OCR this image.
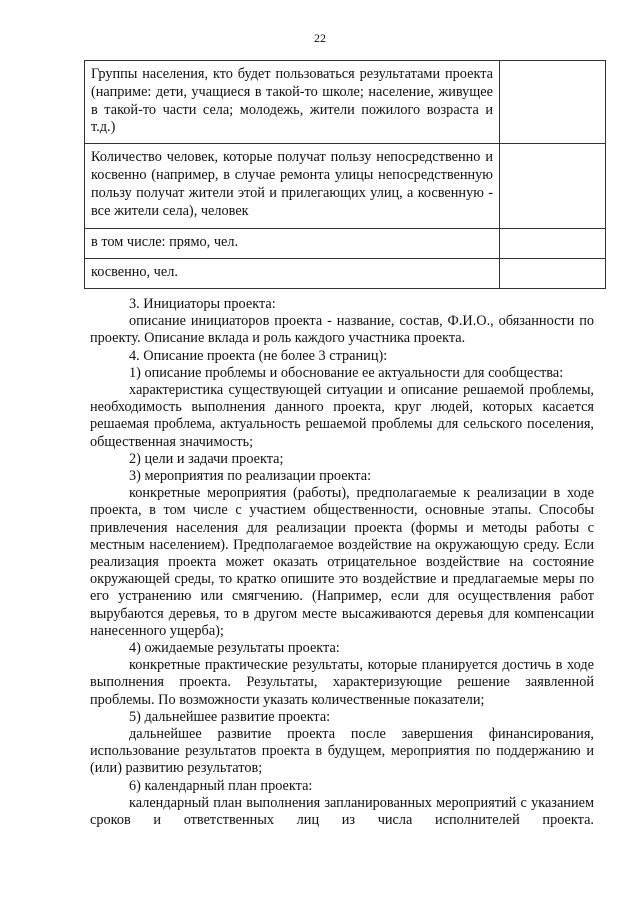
22
Группы населения, кто будет пользоваться результатами проекта (наприме: дети, учащиеся в такой-то школе; население, живущее в такой-то части села; молодежь, жители пожилого возраста и т.д.)	
Количество человек, которые получат пользу непосредственно и косвенно (например, в случае ремонта улицы непосредственную пользу получат жители этой и прилегающих улиц, а косвенную - все жители села), человек	
в том числе: прямо, чел.	
косвенно, чел.	

3. Инициаторы проекта:

описание инициаторов проекта - название, состав, Ф.И.О., обязанности по проекту. Описание вклада и роль каждого участника проекта.

4. Описание проекта (не более 3 страниц):

1) описание проблемы и обоснование ее актуальности для сообщества:

характеристика существующей ситуации и описание решаемой проблемы, необходимость выполнения данного проекта, круг людей, которых касается решаемая проблема, актуальность решаемой проблемы для сельского поселения, общественная значимость;

2) цели и задачи проекта;

3) мероприятия по реализации проекта:

конкретные мероприятия (работы), предполагаемые к реализации в ходе проекта, в том числе с участием общественности, основные этапы. Способы привлечения населения для реализации проекта (формы и методы работы с местным населением). Предполагаемое воздействие на окружающую среду. Если реализация проекта может оказать отрицательное воздействие на состояние окружающей среды, то кратко опишите это воздействие и предлагаемые меры по его устранению или смягчению. (Например, если для осуществления работ вырубаются деревья, то в другом месте высаживаются деревья для компенсации нанесенного ущерба);

4) ожидаемые результаты проекта:

конкретные практические результаты, которые планируется достичь в ходе выполнения проекта. Результаты, характеризующие решение заявленной проблемы. По возможности указать количественные показатели;

5) дальнейшее развитие проекта:

дальнейшее развитие проекта после завершения финансирования, использование результатов проекта в будущем, мероприятия по поддержанию и (или) развитию результатов;

6) календарный план проекта:

календарный план выполнения запланированных мероприятий с указанием сроков и ответственных лиц из числа исполнителей проекта.
